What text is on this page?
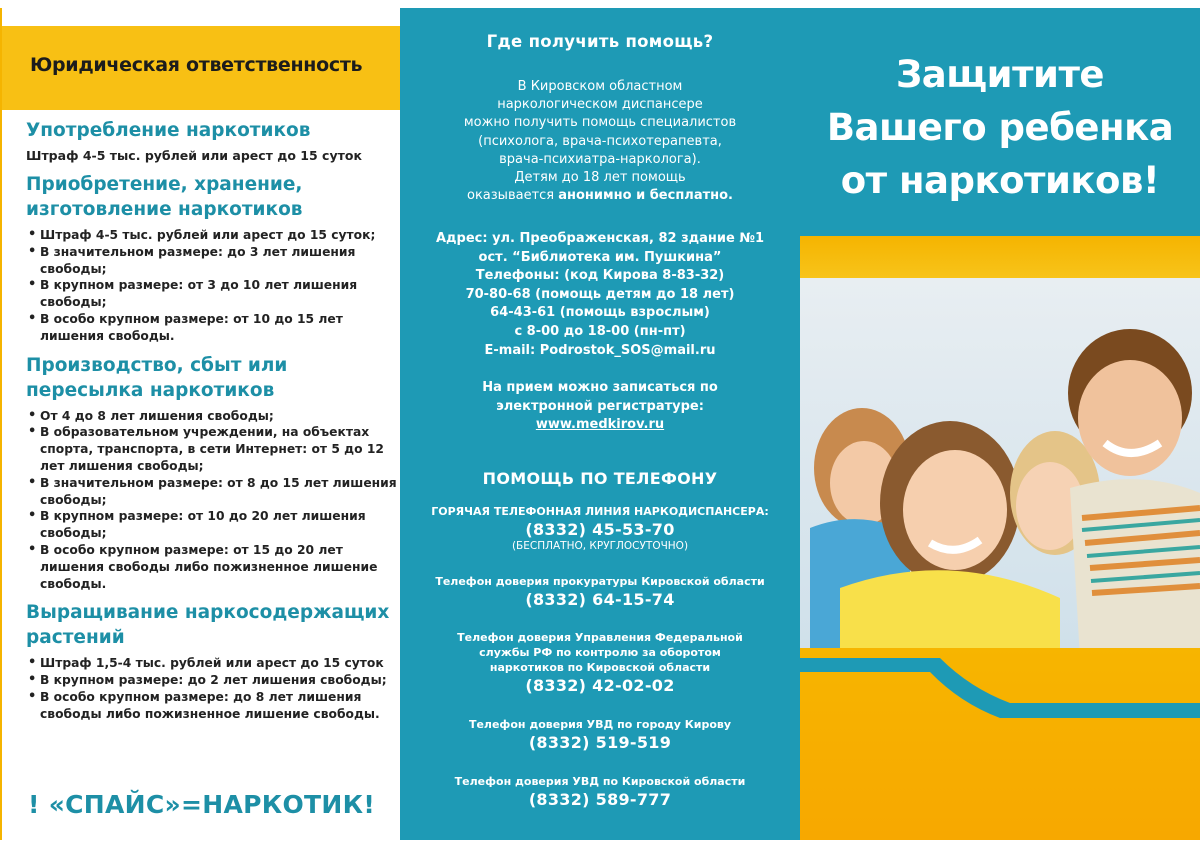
Юридическая ответственность
Употребление наркотиков

Штраф 4-5 тыс. рублей или арест до 15 суток

Приобретение, хранение, изготовление наркотиков
• Штраф 4-5 тыс. рублей или арест до 15 суток;
• В значительном размере: до 3 лет лишения свободы;
• В крупном размере: от 3 до 10 лет лишения свободы;
• В особо крупном размере: от 10 до 15 лет лишения свободы.
Производство, сбыт или пересылка наркотиков
• От 4 до 8 лет лишения свободы;
• В образовательном учреждении, на объектах спорта, транспорта, в сети Интернет: от 5 до 12 лет лишения свободы;
• В значительном размере: от 8 до 15 лет лишения свободы;
• В крупном размере: от 10 до 20 лет лишения свободы;
• В особо крупном размере: от 15 до 20 лет лишения свободы либо пожизненное лишение свободы.
Выращивание наркосодержащих растений
• Штраф 1,5-4 тыс. рублей или арест до 15 суток
• В крупном размере: до 2 лет лишения свободы;
• В особо крупном размере: до 8 лет лишения свободы либо пожизненное лишение свободы.
! «СПАЙС»=НАРКОТИК!
Где получить помощь?
В Кировском областном
наркологическом диспансере
можно получить помощь специалистов
(психолога, врача-психотерапевта,
врача-психиатра-нарколога).
Детям до 18 лет помощь
оказывается анонимно и бесплатно.
Адрес: ул. Преображенская, 82 здание №1
ост. “Библиотека им. Пушкина”
Телефоны: (код Кирова 8-83-32)
70-80-68 (помощь детям до 18 лет)
64-43-61 (помощь взрослым)
с 8-00 до 18-00 (пн-пт)
E-mail: Podrostok_SOS@mail.ru
На прием можно записаться по
электронной регистратуре:
www.medkirov.ru
ПОМОЩЬ ПО ТЕЛЕФОНУ
ГОРЯЧАЯ ТЕЛЕФОННАЯ ЛИНИЯ НАРКОДИСПАНСЕРА:
(8332) 45-53-70
(БЕСПЛАТНО, КРУГЛОСУТОЧНО)
Телефон доверия прокуратуры Кировской области
(8332) 64-15-74
Телефон доверия Управления Федеральной
службы РФ по контролю за оборотом
наркотиков по Кировской области
(8332) 42-02-02
Телефон доверия УВД по городу Кирову
(8332) 519-519
Телефон доверия УВД по Кировской области
(8332) 589-777
Защитите
Вашего ребенка
от наркотиков!
